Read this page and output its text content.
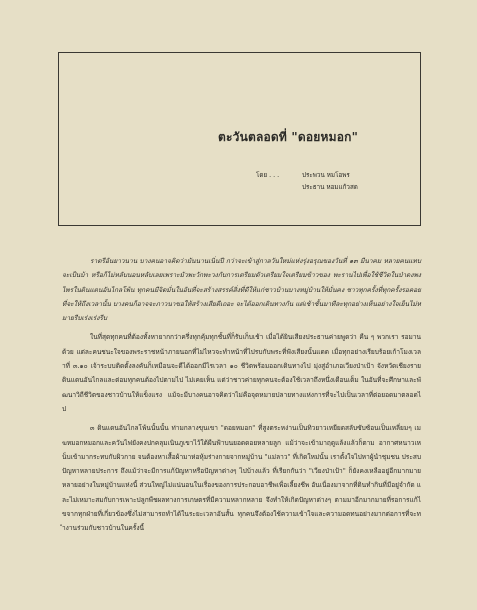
ตะวันตลอดที่ "ดอยหมอก"
โดย . . .	ประพวน หมโอพร
ประธาน หอมแก้วสด

ราตรีอันยาวนาน บางคนอาจคิดว่ามันนานเนิ่นปี กว่าจะเข้าสู่กาลวันใหม่แห่งรุ่งอรุณของวันที่ ๑๓ มีนาคม หลายคนแทบจะเป็นบ้า หรือก็ไม่หลับนอนหลับเลยเพราะมัวพะวักพะวงกับการเตรียมตัวเตรียมใจเตรียมข้าวของ พะรานไปเพื่อใช้ชีวิตในป่าดงพงไพรในดินแดนอันไกลโพ้น ทุกคนมีจิตมั่นในอันที่จะสร้างสรรค์สิ่งที่ดีให้แก่ชาวบ้านบางหมู่บ้านให้มั่นคง ชาวทุกครั้งที่ทุกครั้งรอคอยที่จะให้ถึงเวลานั้น บางคนก็อาจจะภาวนาขอให้สร้างเสียดีเถอะ จะได้ออกเดินทางกัน แต่เช้าชั้นมาทีละทุกอย่างเห็นอย่างใจเย็นไม่หมายรีบเร่งเร่งรีบ

ในที่สุดทุกคนที่ต้องทั้งหายากกว่าครึ่งทุกคุ้มทุกชั้นที่ก็รับเก็บเช้า เมื่อได้ยินเสียงประธานค่ายพูดว่า คืน ๆ พวกเรา รอมานด้วย แต่ละคนชนะใจของพระราชหน้าภายนอกที่ไม่ไหวจะทำหน้าที่ไปรบกับพระที่ฟังเสียงนั้นแดด เมื่อทุกอย่างเรียบร้อยเก้าโมงเวลาที่ ๓.๑๐ เจ้าระบบติดตั้งลงคันก็เหมือนจะดีได้ออกมีไรเวลา ๑๐ ชีวิตพร้อมออกเดินทางไป มุ่งสู่อำเภอเวียงป่าเป้า จังหวัดเชียงราย ดินแดนอันไกลและต่อมทุกคนต้องไปตามไป ไม่เคยเห็น แต่ว่าชาวค่ายทุกคนจะต้องใช้เวลาถึงหนึ่งเดือนเต็ม ในอันที่จะศึกษาและพัฒนาวิถีชีวิตของชาวบ้านให้แข็งแรง แม้จะมีบางคนอาจคิดว่าไม่คือจุดหมายปลายทางแห่งการที่จะไปเป็นเวลาที่ต่อยอดมาตลอดไป

๓ ดินแดนอันไกลโพ้นนั้นนั้น ท่ามกลางขุนเขา "ดอยหมอก" ที่สูงตระหง่านเป็นทิวยาวเหยียดสลับซับซ้อนเป็นเหลี่ยมๆ เมฆหมอกหมอกและควันไฟยังคงปกคลุมเนินภูเขาไว้ใต้ผืนฟ้าบนยอดดอยหลายลูก แม้ว่าจะเข้ามาฤดูแล้งแล้วก็ตาม อากาศหนาวเหน็บเข้ามากระทบกับผิวกาย จนต้องหาเสื้อผ้ามาห่อหุ้มร่างกายจากหมู่บ้าน "แม่ลาว" ที่เกิดใหม่นั้น เราตั้งใจไปหาผู้นำชุมชน ประสบปัญหาหลายประการ ถึงแม้ว่าจะมีการแก้ปัญหาหรือปัญหาต่างๆ ไปบ้างแล้ว ที่เรียกกันว่า "เวียงป่าเป้า" ก็ยังคงเหลืออยู่อีกมากมายหลายอย่างในหมู่บ้านแห่งนี้ ส่วนใหญ่ไม่แน่นอนในเรื่องของการประกอบอาชีพเพื่อเลี้ยงชีพ อันเนื่องมาจากที่ดินทำกินที่มีอยู่จำกัด และไม่เหมาะสมกับการเพาะปลูกพืชผลทางการเกษตรที่มีความหลากหลาย จึงทำให้เกิดปัญหาต่างๆ ตามมาอีกมากมายที่รอการแก้ไขจากทุกฝ่ายที่เกี่ยวข้องซึ่งไม่สามารถทำได้ในระยะเวลาอันสั้น ทุกคนจึงต้องใช้ความเข้าใจและความอดทนอย่างมากต่อการที่จะทำงานร่วมกับชาวบ้านในครั้งนี้
